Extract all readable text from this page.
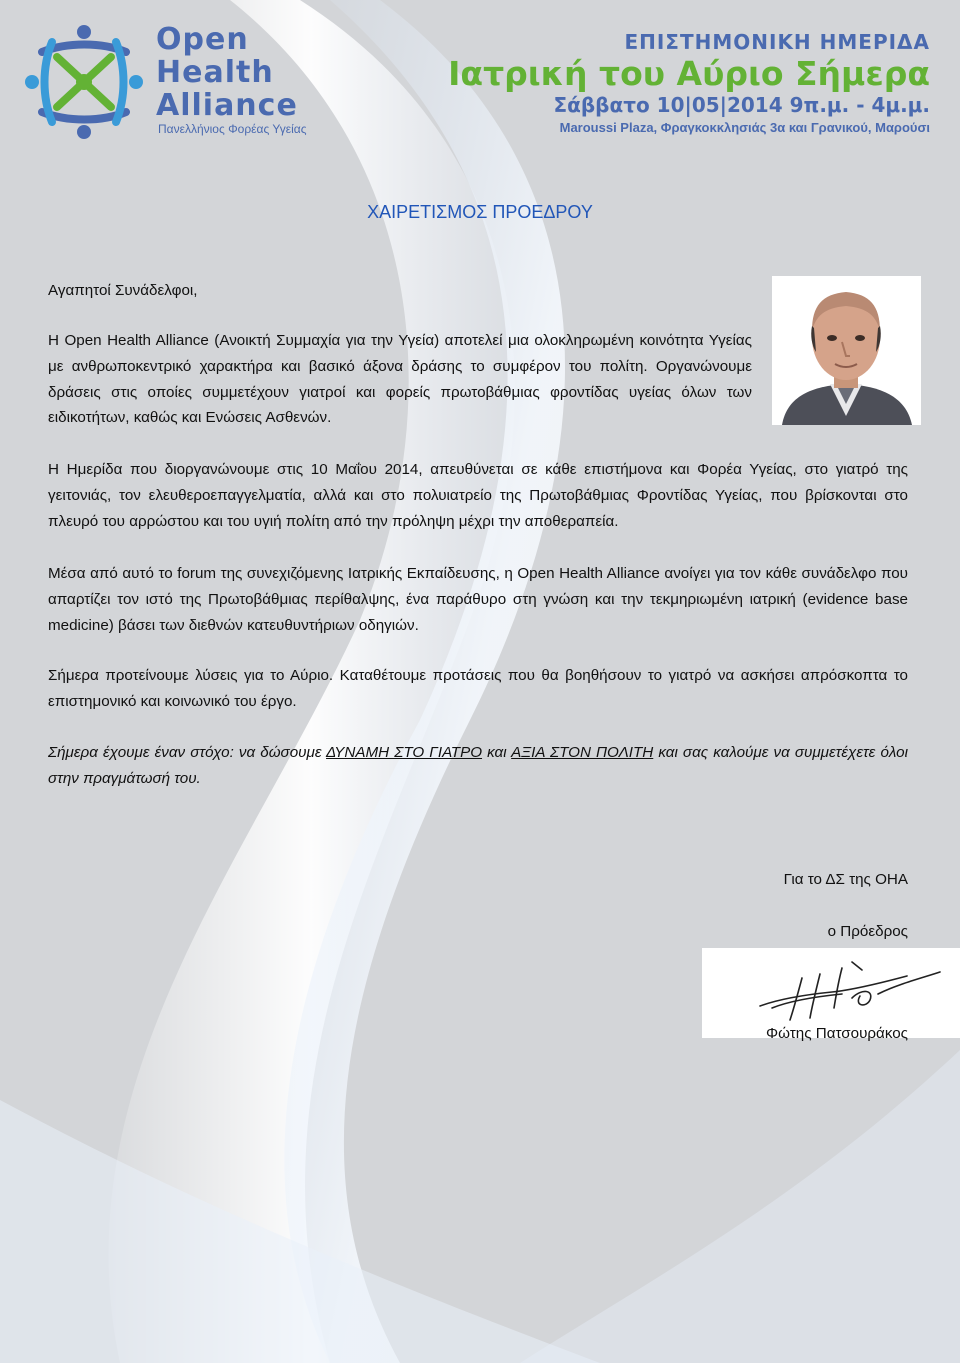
Open
Health
Alliance
Πανελλήνιος Φορέας Υγείας
ΕΠΙΣΤΗΜΟΝΙΚΗ ΗΜΕΡΙΔΑ
Ιατρική του Αύριο Σήμερα
Σάββατο 10|05|2014 9π.μ. - 4μ.μ.
Maroussi Plaza, Φραγκοκκλησιάς 3α και Γρανικού, Μαρούσι
ΧΑΙΡΕΤΙΣΜΟΣ ΠΡΟΕΔΡΟΥ
Αγαπητοί Συνάδελφοι,
Η Open Health Alliance (Ανοικτή Συμμαχία για την Υγεία) αποτελεί μια ολοκληρωμένη κοινότητα Υγείας με ανθρωποκεντρικό χαρακτήρα και βασικό άξονα δράσης το συμφέρον του πολίτη. Οργανώνουμε δράσεις στις οποίες συμμετέχουν γιατροί και φορείς πρωτοβάθμιας φροντίδας υγείας όλων των ειδικοτήτων, καθώς και Ενώσεις Ασθενών.
Η Ημερίδα που διοργανώνουμε στις 10 Μαΐου 2014, απευθύνεται σε κάθε επιστήμονα και Φορέα Υγείας, στο γιατρό της γειτονιάς, τον ελευθεροεπαγγελματία, αλλά και στο πολυιατρείο της Πρωτοβάθμιας Φροντίδας Υγείας, που βρίσκονται στο πλευρό του αρρώστου και του υγιή πολίτη από την πρόληψη μέχρι την αποθεραπεία.
Μέσα από αυτό το forum της συνεχιζόμενης Ιατρικής Εκπαίδευσης, η Open Health Alliance ανοίγει για τον κάθε συνάδελφο που απαρτίζει τον ιστό της Πρωτοβάθμιας περίθαλψης, ένα παράθυρο στη γνώση και την τεκμηριωμένη ιατρική (evidence base medicine) βάσει των διεθνών κατευθυντήριων οδηγιών.
Σήμερα προτείνουμε λύσεις για το Αύριο. Καταθέτουμε προτάσεις που θα βοηθήσουν το γιατρό να ασκήσει απρόσκοπτα το επιστημονικό και κοινωνικό του έργο.
Σήμερα έχουμε έναν στόχο: να δώσουμε ΔΥΝΑΜΗ ΣΤΟ ΓΙΑΤΡΟ και ΑΞΙΑ ΣΤΟΝ ΠΟΛΙΤΗ και σας καλούμε να συμμετέχετε όλοι στην πραγμάτωσή του.
Για το ΔΣ της ΟΗΑ
ο Πρόεδρος
Φώτης Πατσουράκος
